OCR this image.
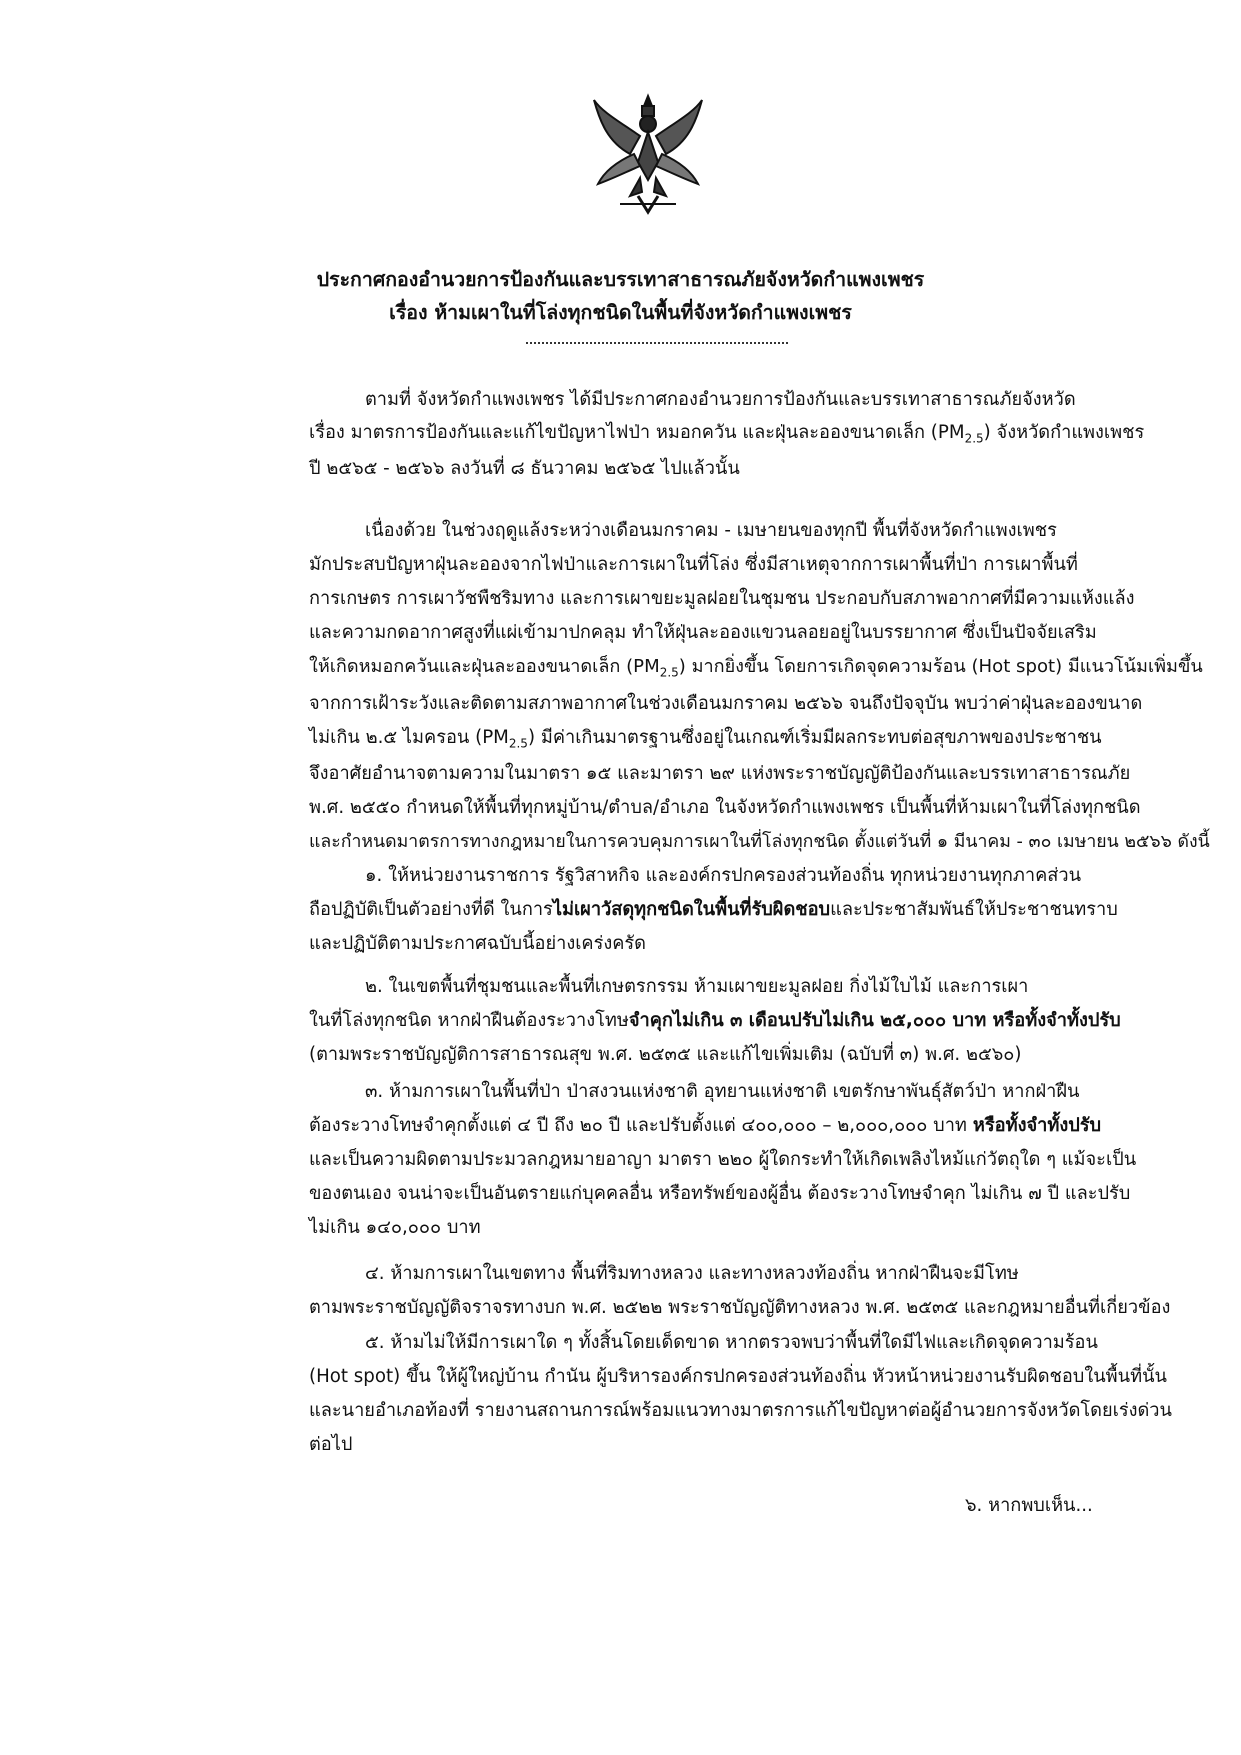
ประกาศกองอำนวยการป้องกันและบรรเทาสาธารณภัยจังหวัดกำแพงเพชร
เรื่อง ห้ามเผาในที่โล่งทุกชนิดในพื้นที่จังหวัดกำแพงเพชร
ตามที่ จังหวัดกำแพงเพชร ได้มีประกาศกองอำนวยการป้องกันและบรรเทาสาธารณภัยจังหวัด
เรื่อง มาตรการป้องกันและแก้ไขปัญหาไฟป่า หมอกควัน และฝุ่นละอองขนาดเล็ก $(PM_{2.5})$ จังหวัดกำแพงเพชร
ปี ๒๕๖๕ - ๒๕๖๖ ลงวันที่ ๘ ธันวาคม ๒๕๖๕ ไปแล้วนั้น
เนื่องด้วย ในช่วงฤดูแล้งระหว่างเดือนมกราคม - เมษายนของทุกปี พื้นที่จังหวัดกำแพงเพชร
มักประสบปัญหาฝุ่นละอองจากไฟป่าและการเผาในที่โล่ง ซึ่งมีสาเหตุจากการเผาพื้นที่ป่า การเผาพื้นที่
การเกษตร การเผาวัชพืชริมทาง และการเผาขยะมูลฝอยในชุมชน ประกอบกับสภาพอากาศที่มีความแห้งแล้ง
และความกดอากาศสูงที่แผ่เข้ามาปกคลุม ทำให้ฝุ่นละอองแขวนลอยอยู่ในบรรยากาศ ซึ่งเป็นปัจจัยเสริม
ให้เกิดหมอกควันและฝุ่นละอองขนาดเล็ก $(PM_{2.5})$ มากยิ่งขึ้น โดยการเกิดจุดความร้อน (Hot spot) มีแนวโน้มเพิ่มขึ้น
จากการเฝ้าระวังและติดตามสภาพอากาศในช่วงเดือนมกราคม ๒๕๖๖ จนถึงปัจจุบัน พบว่าค่าฝุ่นละอองขนาด
ไม่เกิน ๒.๕ ไมครอน $(PM_{2.5})$ มีค่าเกินมาตรฐานซึ่งอยู่ในเกณฑ์เริ่มมีผลกระทบต่อสุขภาพของประชาชน
จึงอาศัยอำนาจตามความในมาตรา ๑๕ และมาตรา ๒๙ แห่งพระราชบัญญัติป้องกันและบรรเทาสาธารณภัย
พ.ศ. ๒๕๕๐ กำหนดให้พื้นที่ทุกหมู่บ้าน/ตำบล/อำเภอ ในจังหวัดกำแพงเพชร เป็นพื้นที่ห้ามเผาในที่โล่งทุกชนิด
และกำหนดมาตรการทางกฎหมายในการควบคุมการเผาในที่โล่งทุกชนิด ตั้งแต่วันที่ ๑ มีนาคม - ๓๐ เมษายน ๒๕๖๖ ดังนี้
๑. ให้หน่วยงานราชการ รัฐวิสาหกิจ และองค์กรปกครองส่วนท้องถิ่น ทุกหน่วยงานทุกภาคส่วน
ถือปฏิบัติเป็นตัวอย่างที่ดี ในการไม่เผาวัสดุทุกชนิดในพื้นที่รับผิดชอบและประชาสัมพันธ์ให้ประชาชนทราบ
และปฏิบัติตามประกาศฉบับนี้อย่างเคร่งครัด
๒. ในเขตพื้นที่ชุมชนและพื้นที่เกษตรกรรม ห้ามเผาขยะมูลฝอย กิ่งไม้ใบไม้ และการเผา
ในที่โล่งทุกชนิด หากฝ่าฝืนต้องระวางโทษจำคุกไม่เกิน ๓ เดือนปรับไม่เกิน ๒๕,๐๐๐ บาท หรือทั้งจำทั้งปรับ
(ตามพระราชบัญญัติการสาธารณสุข พ.ศ. ๒๕๓๕ และแก้ไขเพิ่มเติม (ฉบับที่ ๓) พ.ศ. ๒๕๖๐)
๓. ห้ามการเผาในพื้นที่ป่า ป่าสงวนแห่งชาติ อุทยานแห่งชาติ เขตรักษาพันธุ์สัตว์ป่า หากฝ่าฝืน
ต้องระวางโทษจำคุกตั้งแต่ ๔ ปี ถึง ๒๐ ปี และปรับตั้งแต่ ๔๐๐,๐๐๐ – ๒,๐๐๐,๐๐๐ บาท หรือทั้งจำทั้งปรับ
และเป็นความผิดตามประมวลกฎหมายอาญา มาตรา ๒๒๐ ผู้ใดกระทำให้เกิดเพลิงไหม้แก่วัตถุใด ๆ แม้จะเป็น
ของตนเอง จนน่าจะเป็นอันตรายแก่บุคคลอื่น หรือทรัพย์ของผู้อื่น ต้องระวางโทษจำคุก ไม่เกิน ๗ ปี และปรับ
ไม่เกิน ๑๔๐,๐๐๐ บาท
๔. ห้ามการเผาในเขตทาง พื้นที่ริมทางหลวง และทางหลวงท้องถิ่น หากฝ่าฝืนจะมีโทษ
ตามพระราชบัญญัติจราจรทางบก พ.ศ. ๒๕๒๒ พระราชบัญญัติทางหลวง พ.ศ. ๒๕๓๕ และกฎหมายอื่นที่เกี่ยวข้อง
๕. ห้ามไม่ให้มีการเผาใด ๆ ทั้งสิ้นโดยเด็ดขาด หากตรวจพบว่าพื้นที่ใดมีไฟและเกิดจุดความร้อน
(Hot spot) ขึ้น ให้ผู้ใหญ่บ้าน กำนัน ผู้บริหารองค์กรปกครองส่วนท้องถิ่น หัวหน้าหน่วยงานรับผิดชอบในพื้นที่นั้น
และนายอำเภอท้องที่ รายงานสถานการณ์พร้อมแนวทางมาตรการแก้ไขปัญหาต่อผู้อำนวยการจังหวัดโดยเร่งด่วน
ต่อไป
๖. หากพบเห็น...
